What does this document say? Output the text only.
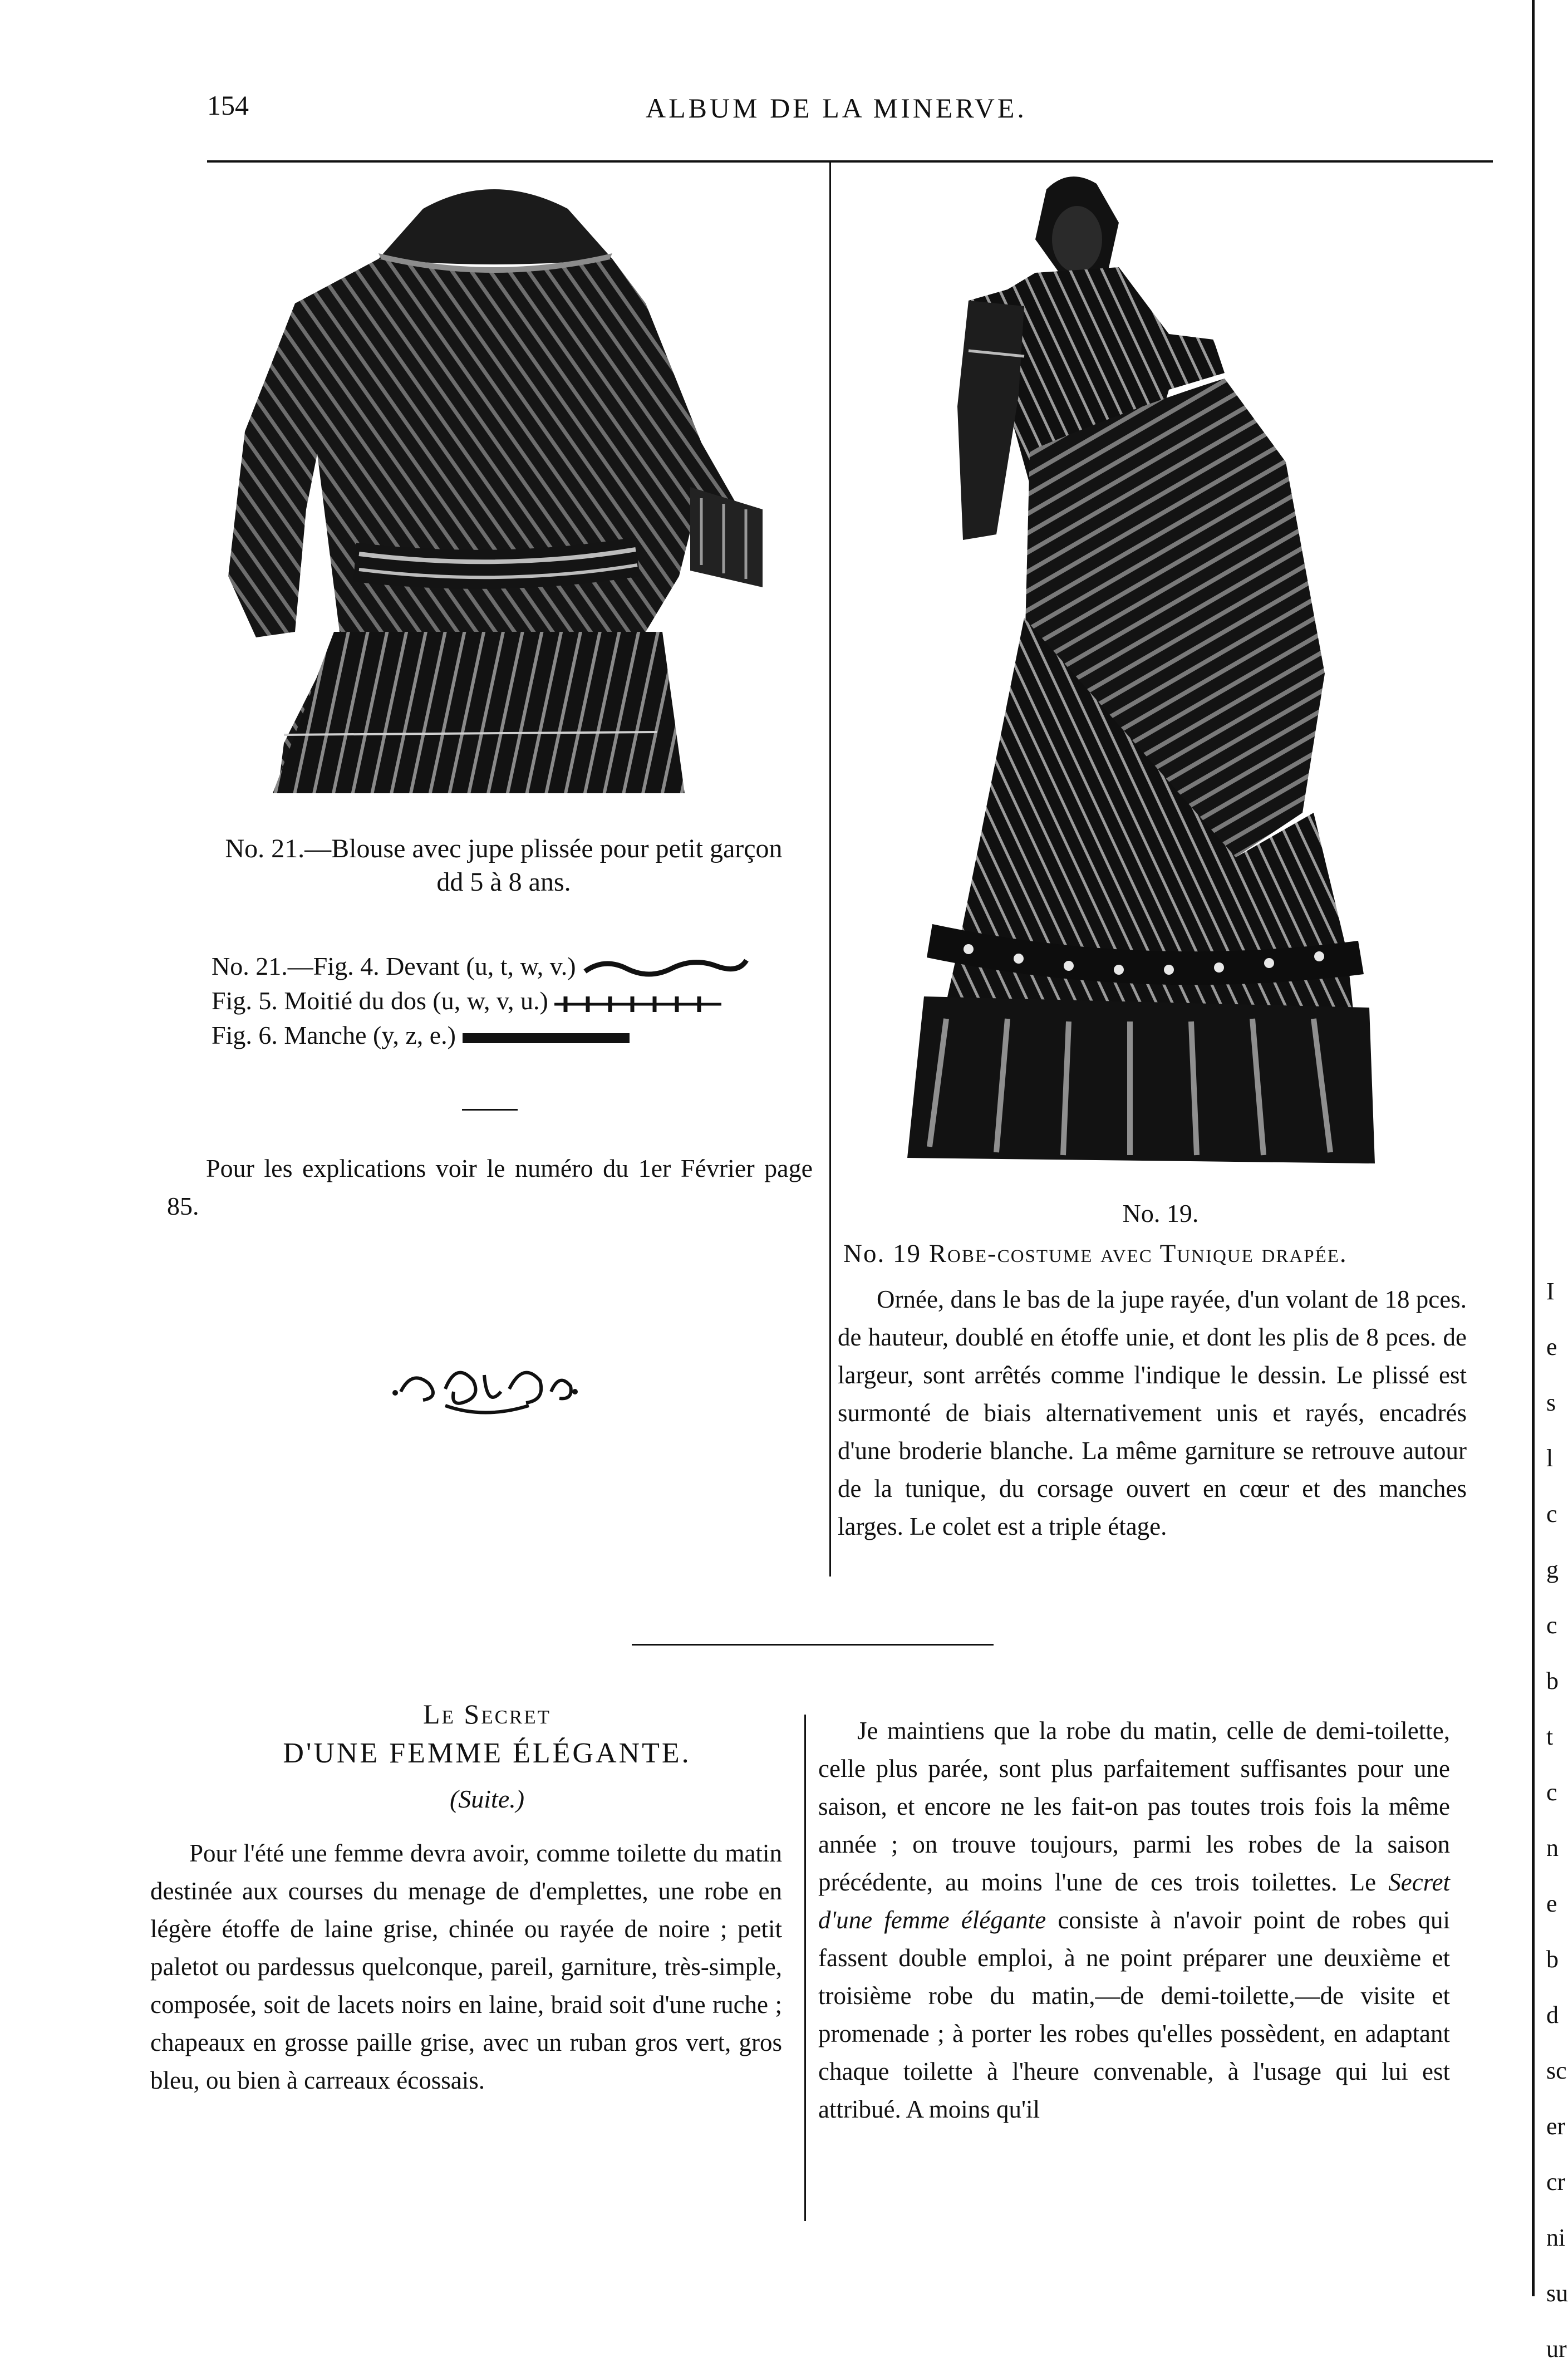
154	ALBUM DE LA MINERVE.
No. 21.—Blouse avec jupe plissée pour petit garçon
dd 5 à 8 ans.
No. 21.—Fig. 4. Devant (u, t, w, v.)
Fig. 5. Moitié du dos (u, w, v, u.)
Fig. 6. Manche (y, z, e.)
Pour les explications voir le numéro du 1er Février page 85.	No. 19.
No. 19 Robe-costume avec Tunique drapée.
Ornée, dans le bas de la jupe rayée, d'un volant de 18 pces. de hauteur, doublé en étoffe unie, et dont les plis de 8 pces. de largeur, sont arrêtés comme l'indique le dessin. Le plissé est surmonté de biais alternativement unis et rayés, encadrés d'une broderie blanche. La même garniture se retrouve autour de la tunique, du corsage ouvert en cœur et des manches larges. Le colet est a triple étage.
Le Secret
D'UNE FEMME ÉLÉGANTE.
(Suite.)
Pour l'été une femme devra avoir, comme toilette du matin destinée aux courses du menage de d'emplettes, une robe en légère étoffe de laine grise, chinée ou rayée de noire ; petit paletot ou pardessus quelconque, pareil, garniture, très-simple, composée, soit de lacets noirs en laine, braid soit d'une ruche ; chapeaux en grosse paille grise, avec un ruban gros vert, gros bleu, ou bien à carreaux écossais.
Je maintiens que la robe du matin, celle de demi-toilette, celle plus parée, sont plus parfaitement suffisantes pour une saison, et encore ne les fait-on pas toutes trois fois la même année ; on trouve toujours, parmi les robes de la saison précédente, au moins l'une de ces trois toilettes. Le Secret d'une femme élégante consiste à n'avoir point de robes qui fassent double emploi, à ne point préparer une deuxième et troisième robe du matin,—de demi-toilette,—de visite et promenade ; à porter les robes qu'elles possèdent, en adaptant chaque toilette à l'heure convenable, à l'usage qui lui est attribué. A moins qu'il
I
e
s
l
c
g
c
b
t
c
n
e
b
d
sc
er
cr
ni
su
ur
